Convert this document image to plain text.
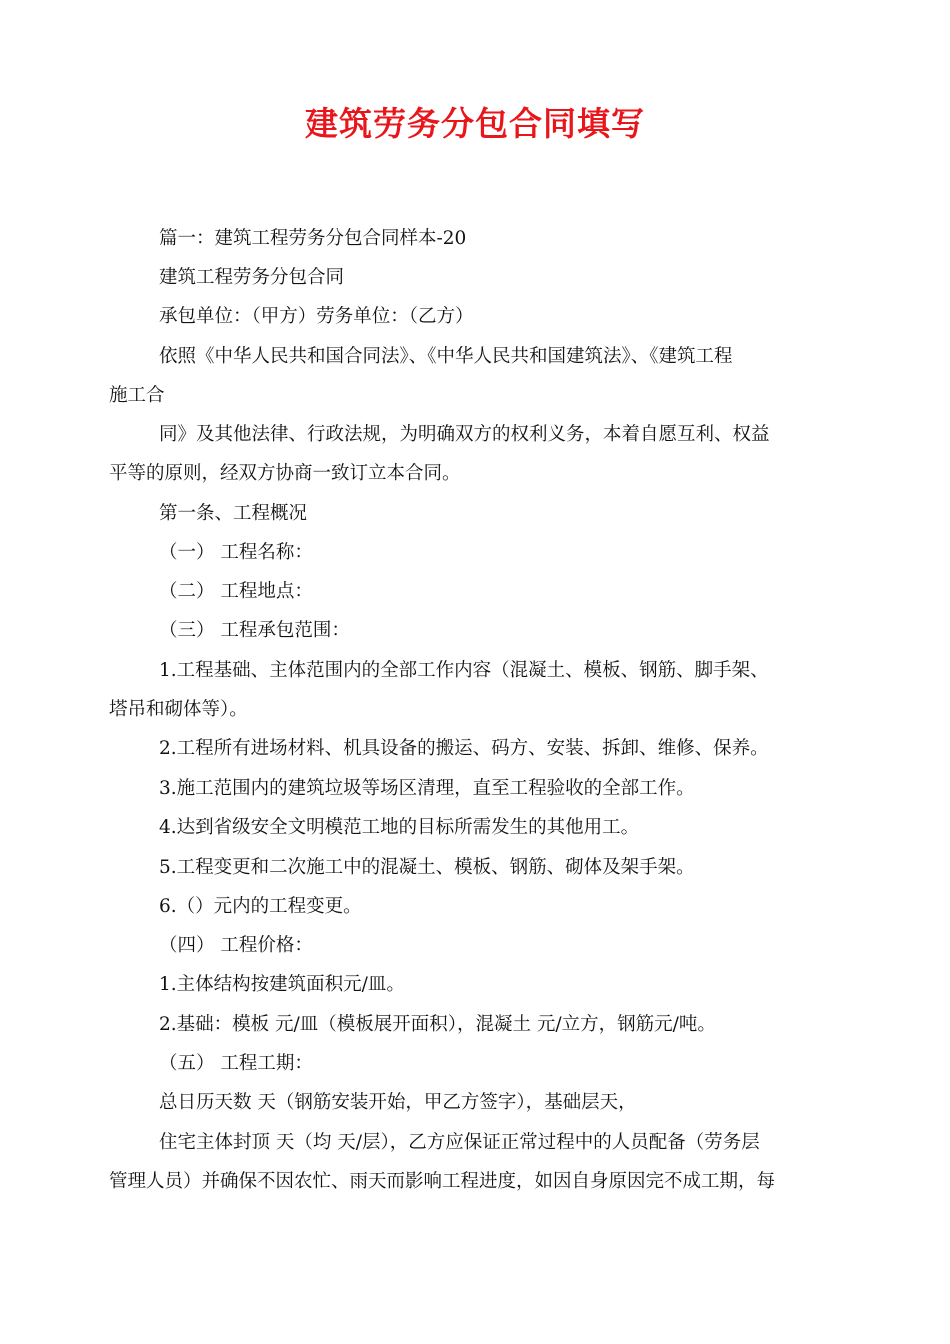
建筑劳务分包合同填写
篇一：建筑工程劳务分包合同样本-20
建筑工程劳务分包合同
承包单位：（甲方）劳务单位：（乙方）
依照《中华人民共和国合同法》、《中华人民共和国建筑法》、《建筑工程
施工合
同》及其他法律、行政法规，为明确双方的权利义务，本着自愿互利、权益
平等的原则，经双方协商一致订立本合同。
第一条、工程概况
（一） 工程名称：
（二） 工程地点：
（三） 工程承包范围：
1.工程基础、主体范围内的全部工作内容（混凝土、模板、钢筋、脚手架、
塔吊和砌体等）。
2.工程所有进场材料、机具设备的搬运、码方、安装、拆卸、维修、保养。
3.施工范围内的建筑垃圾等场区清理，直至工程验收的全部工作。
4.达到省级安全文明模范工地的目标所需发生的其他用工。
5.工程变更和二次施工中的混凝土、模板、钢筋、砌体及架手架。
6.（）元内的工程变更。
（四） 工程价格：
1.主体结构按建筑面积元/皿。
2.基础：模板 元/皿（模板展开面积），混凝土 元/立方，钢筋元/吨。
（五） 工程工期：
总日历天数 天（钢筋安装开始，甲乙方签字），基础层天，
住宅主体封顶 天（均 天/层），乙方应保证正常过程中的人员配备（劳务层
管理人员）并确保不因农忙、雨天而影响工程进度，如因自身原因完不成工期，每
